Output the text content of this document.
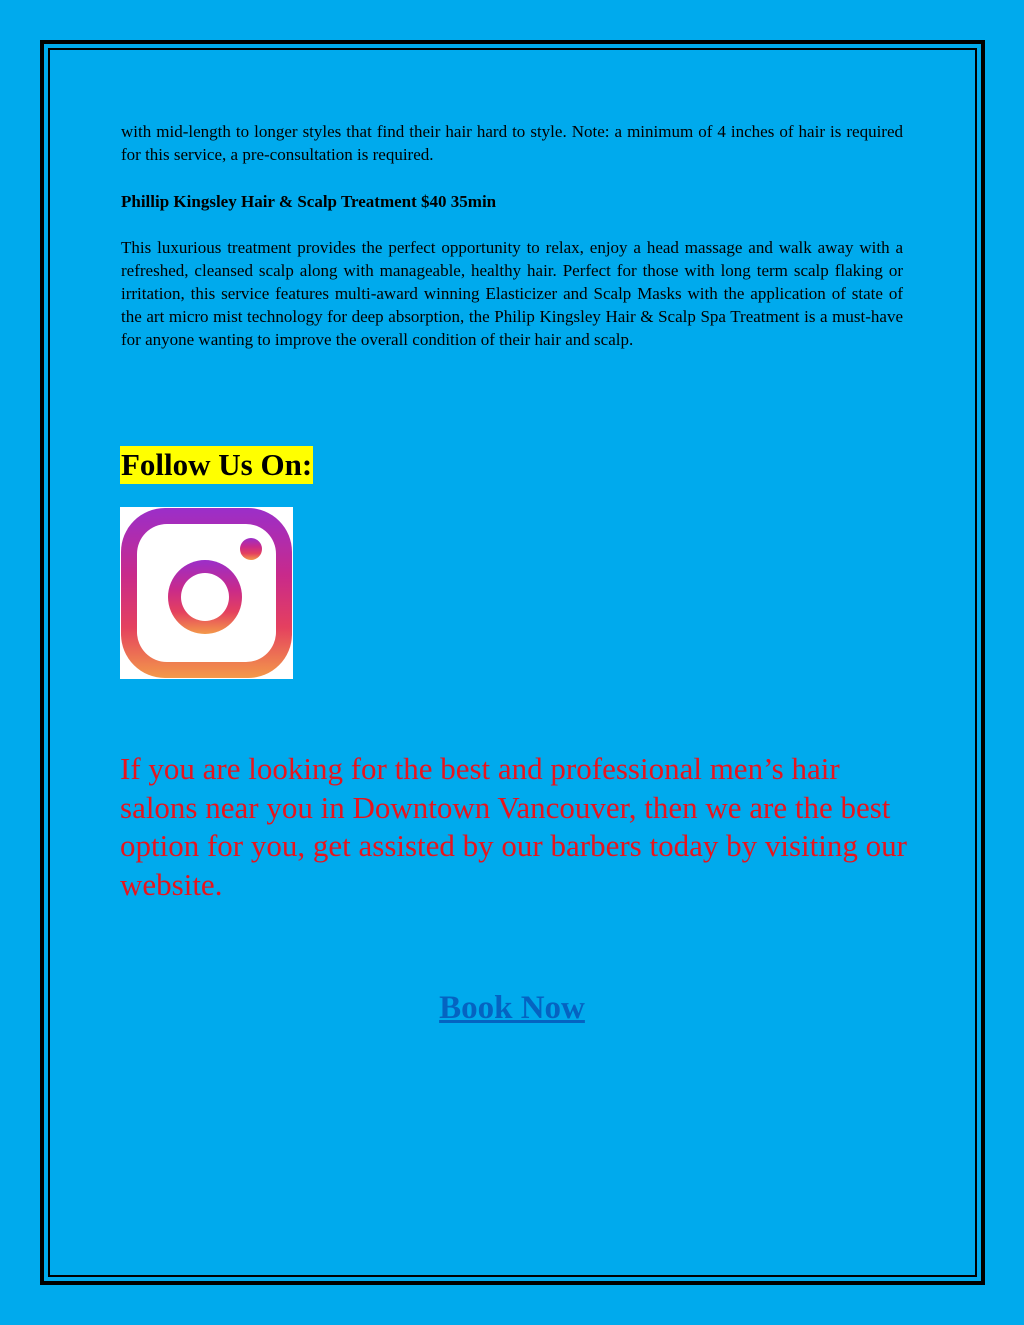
with mid-length to longer styles that find their hair hard to style. Note: a minimum of 4 inches of hair is required for this service, a pre-consultation is required.

Phillip Kingsley Hair & Scalp Treatment $40 35min

This luxurious treatment provides the perfect opportunity to relax, enjoy a head massage and walk away with a refreshed, cleansed scalp along with manageable, healthy hair. Perfect for those with long term scalp flaking or irritation, this service features multi-award winning Elasticizer and Scalp Masks with the application of state of the art micro mist technology for deep absorption, the Philip Kingsley Hair & Scalp Spa Treatment is a must-have for anyone wanting to improve the overall condition of their hair and scalp.

Follow Us On:

If you are looking for the best and professional men’s hair salons near you in Downtown Vancouver, then we are the best option for you, get assisted by our barbers today by visiting our website.

Book Now
